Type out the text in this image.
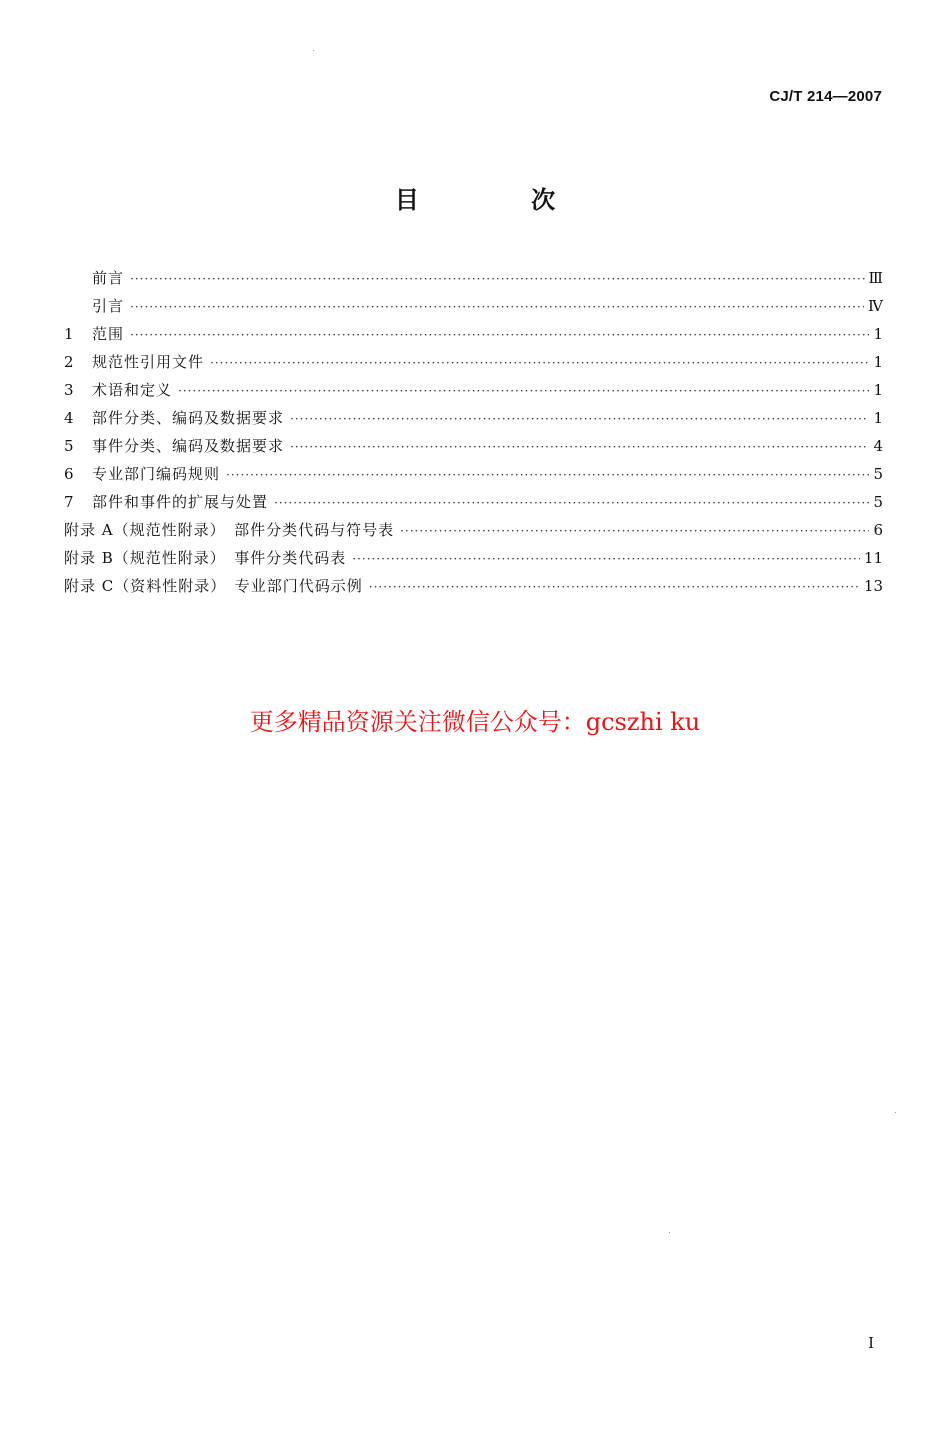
CJ/T 214—2007
目 次
前言 ·····	Ⅲ
引言 ·····	Ⅳ
1	范围 ·····	1
2	规范性引用文件 ·····	1
3	术语和定义 ·····	1
4	部件分类、编码及数据要求 ·····	1
5	事件分类、编码及数据要求 ·····	4
6	专业部门编码规则 ·····	5
7	部件和事件的扩展与处置 ·····	5
附录 A（规范性附录）　部件分类代码与符号表 ·····	6
附录 B（规范性附录）　事件分类代码表 ·····	11
附录 C（资料性附录）　专业部门代码示例 ·····	13
更多精品资源关注微信公众号：gcszhi ku
I
